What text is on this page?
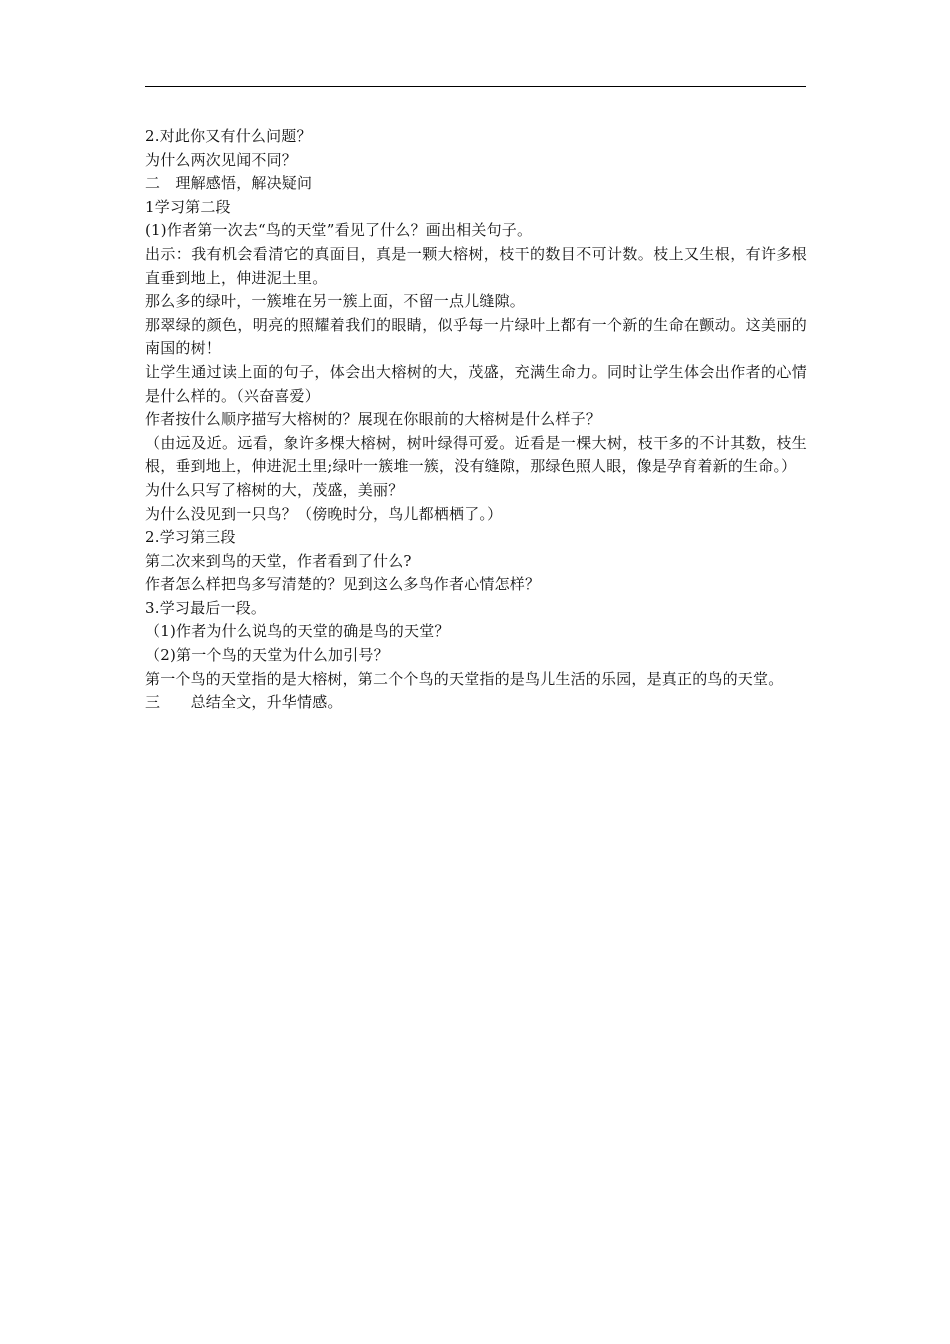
2.对此你又有什么问题？

为什么两次见闻不同？

二　理解感悟，解决疑问

1学习第二段

(1)作者第一次去“鸟的天堂”看见了什么？画出相关句子。

出示：我有机会看清它的真面目，真是一颗大榕树，枝干的数目不可计数。枝上又生根，有许多根直垂到地上，伸进泥土里。

那么多的绿叶，一簇堆在另一簇上面，不留一点儿缝隙。

那翠绿的颜色，明亮的照耀着我们的眼睛，似乎每一片绿叶上都有一个新的生命在颤动。这美丽的南国的树！

让学生通过读上面的句子，体会出大榕树的大，茂盛，充满生命力。同时让学生体会出作者的心情是什么样的。（兴奋喜爱）

作者按什么顺序描写大榕树的？展现在你眼前的大榕树是什么样子？

（由远及近。远看，象许多棵大榕树，树叶绿得可爱。近看是一棵大树，枝干多的不计其数，枝生根，垂到地上，伸进泥土里;绿叶一簇堆一簇，没有缝隙，那绿色照人眼，像是孕育着新的生命。）

为什么只写了榕树的大，茂盛，美丽？

为什么没见到一只鸟？（傍晚时分，鸟儿都栖栖了。）

2.学习第三段

第二次来到鸟的天堂，作者看到了什么?

作者怎么样把鸟多写清楚的？见到这么多鸟作者心情怎样？

3.学习最后一段。

（1)作者为什么说鸟的天堂的确是鸟的天堂？

（2)第一个鸟的天堂为什么加引号？

第一个鸟的天堂指的是大榕树，第二个个鸟的天堂指的是鸟儿生活的乐园，是真正的鸟的天堂。

三　　总结全文，升华情感。
